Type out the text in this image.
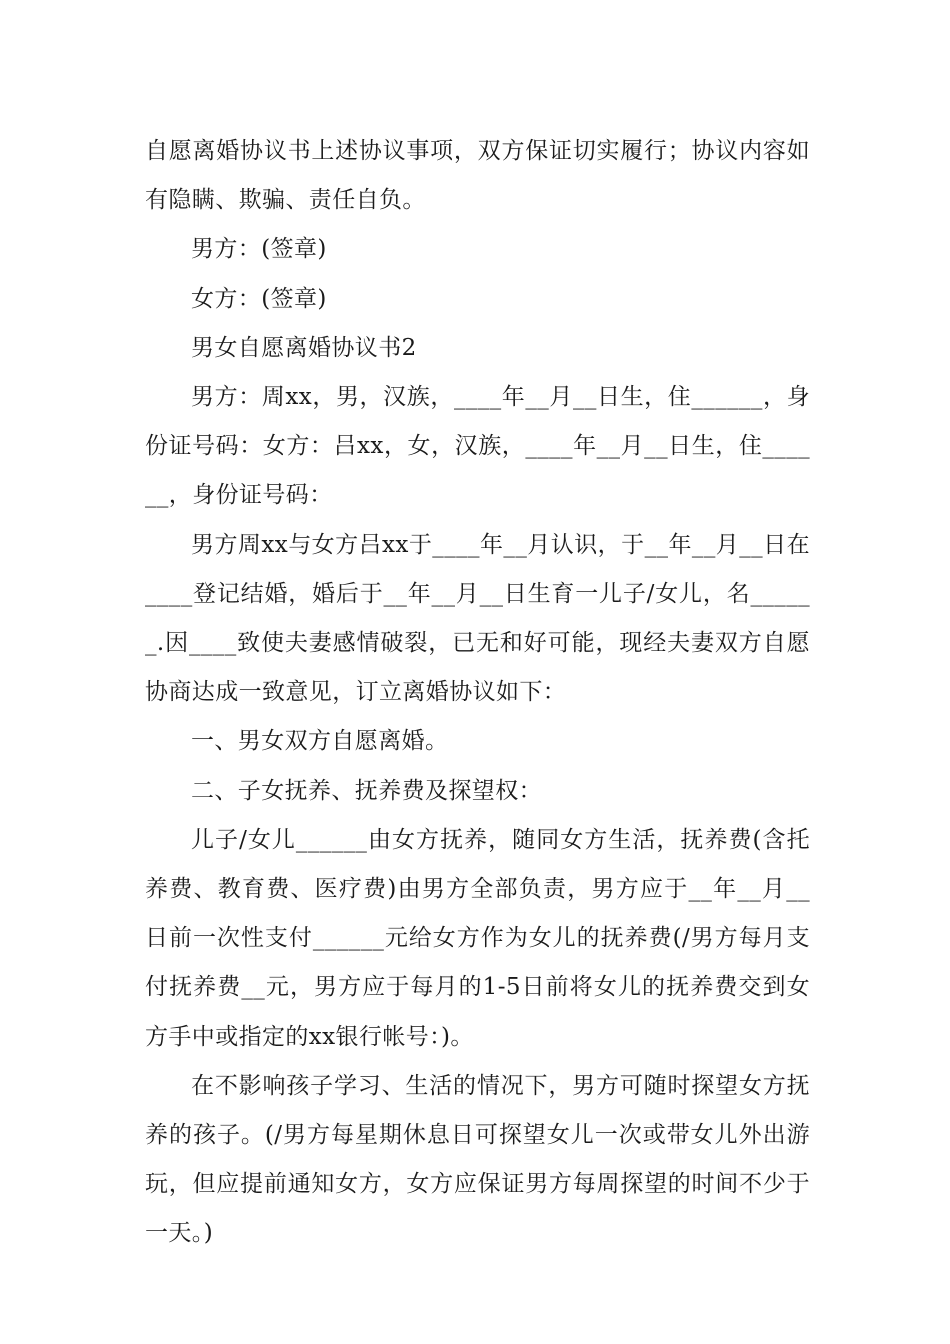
自愿离婚协议书上述协议事项，双方保证切实履行；协议内容如有隐瞒、欺骗、责任自负。

男方：(签章)

女方：(签章)

男女自愿离婚协议书2

男方：周xx，男，汉族，____年__月__日生，住______，身份证号码：女方：吕xx，女，汉族，____年__月__日生，住______，身份证号码：

男方周xx与女方吕xx于____年__月认识，于__年__月__日在____登记结婚，婚后于__年__月__日生育一儿子/女儿，名______.因____致使夫妻感情破裂，已无和好可能，现经夫妻双方自愿协商达成一致意见，订立离婚协议如下：

一、男女双方自愿离婚。

二、子女抚养、抚养费及探望权：

儿子/女儿______由女方抚养，随同女方生活，抚养费(含托养费、教育费、医疗费)由男方全部负责，男方应于__年__月__日前一次性支付______元给女方作为女儿的抚养费(/男方每月支付抚养费__元，男方应于每月的1-5日前将女儿的抚养费交到女方手中或指定的xx银行帐号：)。

在不影响孩子学习、生活的情况下，男方可随时探望女方抚养的孩子。(/男方每星期休息日可探望女儿一次或带女儿外出游玩，但应提前通知女方，女方应保证男方每周探望的时间不少于一天。)
